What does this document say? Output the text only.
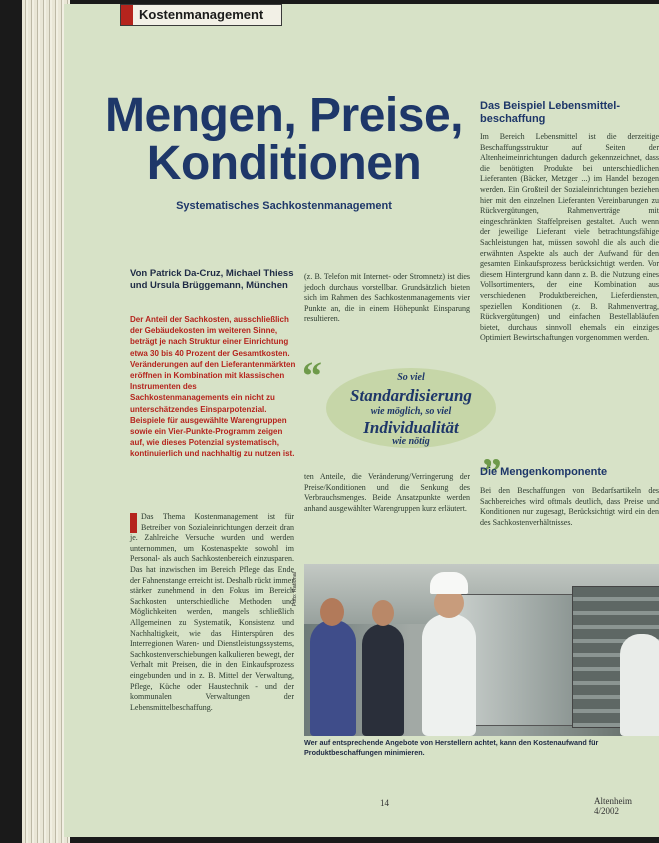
Kostenmanagement
Mengen, Preise,
Konditionen
Systematisches Sachkostenmanagement
Von Patrick Da-Cruz, Michael Thiess und Ursula Brüggemann, München
Der Anteil der Sachkosten, ausschließlich der Gebäudekosten im weiteren Sinne, beträgt je nach Struktur einer Einrichtung etwa 30 bis 40 Prozent der Gesamtkosten. Veränderungen auf den Lieferantenmärkten eröffnen in Kombination mit klassischen Instrumenten des Sachkostenmanagements ein nicht zu unterschätzendes Einsparpotenzial. Beispiele für ausgewählte Warengruppen sowie ein Vier-Punkte-Programm zeigen auf, wie dieses Potenzial systematisch, kontinuierlich und nachhaltig zu nutzen ist.
Das Thema Kostenmanagement ist für Betreiber von Sozialeinrichtungen derzeit dran je. Zahlreiche Versuche wurden und werden unternommen, um Kostenaspekte sowohl im Personal- als auch Sachkostenbereich einzusparen. Das hat inzwischen im Bereich Pflege das Ende der Fahnenstange erreicht ist. Deshalb rückt immer stärker zunehmend in den Fokus im Bereich Sachkosten unterschiedliche Methoden und Möglichkeiten werden, mangels schließlich Allgemeinen zu Systematik, Konsistenz und Nachhaltigkeit, wie das Hinterspüren des Interregionen Waren- und Dienstleistungssystems, Sachkostenverschiebungen kalkulieren bewegt, der Verhalt mit Preisen, die in den Einkaufsprozess eingebunden und in z. B. Mittel der Verwaltung, Pflege, Küche oder Haustechnik - und der kommunalen Verwaltungen der Lebensmittelbeschaffung.
(z. B. Telefon mit Internet- oder Stromnetz) ist dies jedoch durchaus vorstellbar. Grundsätzlich bieten sich im Rahmen des Sachkostenmanagements vier Punkte an, die in einem Höhepunkt Einsparung resultieren.
“	So viel
Standardisierung
wie möglich, so viel
Individualität
wie nötig	„
ten Anteile, die Veränderung/Verringerung der Preise/Konditionen und die Senkung des Verbrauchsmenges. Beide Ansatzpunkte werden anhand ausgewählter Warengruppen kurz erläutert.
Das Beispiel Lebensmittel-
beschaffung
Im Bereich Lebensmittel ist die derzeitige Beschaffungsstruktur auf Seiten der Altenheimeinrichtungen dadurch gekennzeichnet, dass die benötigten Produkte bei unterschiedlichen Lieferanten (Bäcker, Metzger ...) im Handel bezogen werden. Ein Großteil der Sozialeinrichtungen beziehen hier mit den einzelnen Lieferanten Vereinbarungen zu Rückvergütungen, Rahmenverträge mit eingeschränkten Staffelpreisen gestaltet. Auch wenn der jeweilige Lieferant viele betrachtungsfähige Sachleistungen hat, müssen sowohl die als auch die erwähnten Aspekte als auch der Aufwand für den gesamten Einkaufsprozess berücksichtigt werden. Vor diesem Hintergrund kann dann z. B. die Nutzung eines Vollsortimenters, der eine Kombination aus verschiedenen Produktbereichen, Lieferdiensten, speziellen Konditionen (z. B. Rahmenvertrag, Rückvergütungen) und einfachen Bestellabläufen bietet, durchaus sinnvoll ehemals ein einziges Optimiert Bewirtschaftungen vorgenommen werden.
Die Mengenkomponente
Bei den Beschaffungen von Bedarfsartikeln des Sachbereiches wird oftmals deutlich, dass Preise und Konditionen nur zugesagt, Berücksichtigt wird ein den des Sachkostenverhältnisses.
Foto: Rational
Wer auf entsprechende Angebote von Herstellern achtet, kann den Kostenaufwand für Produktbeschaffungen minimieren.
14	Altenheim 4/2002
